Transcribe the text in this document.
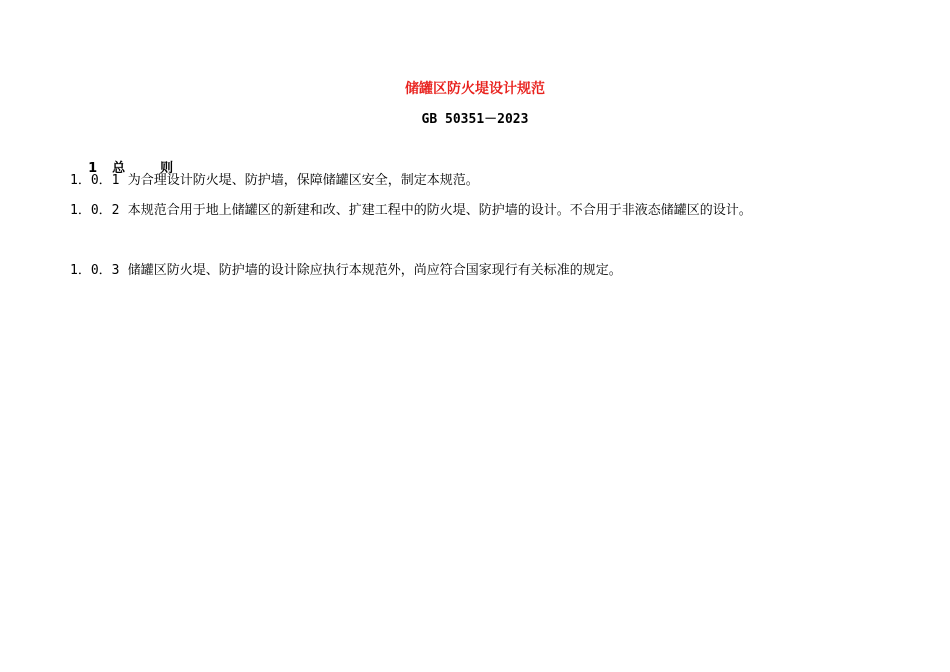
储罐区防火堤设计规范
GB 50351－2023

1 总	则

1．0．1 为合理设计防火堤、防护墙，保障储罐区安全，制定本规范。
1．0．2 本规范合用于地上储罐区的新建和改、扩建工程中的防火堤、防护墙的设计。不合用于非液态储罐区的设计。
1．0．3 储罐区防火堤、防护墙的设计除应执行本规范外，尚应符合国家现行有关标准的规定。
